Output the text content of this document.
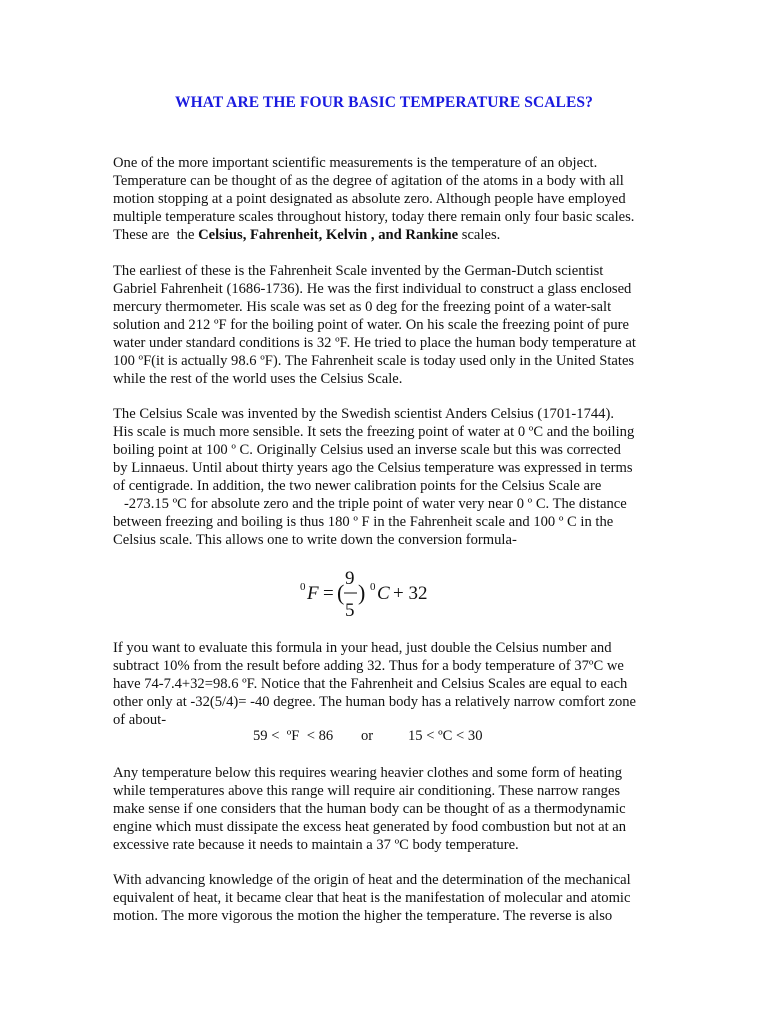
WHAT ARE THE FOUR BASIC TEMPERATURE SCALES?
One of the more important scientific measurements is the temperature of an object.
Temperature can be thought of as the degree of agitation of the atoms in a body with all
motion stopping at a point designated as absolute zero. Although people have employed
multiple temperature scales throughout history, today there remain only four basic scales.
These are  the Celsius, Fahrenheit, Kelvin , and Rankine scales.
The earliest of these is the Fahrenheit Scale invented by the German-Dutch scientist
Gabriel Fahrenheit (1686-1736). He was the first individual to construct a glass enclosed
mercury thermometer. His scale was set as 0 deg for the freezing point of a water-salt
solution and 212 ºF for the boiling point of water. On his scale the freezing point of pure
water under standard conditions is 32 ºF. He tried to place the human body temperature at
100 ºF(it is actually 98.6 ºF). The Fahrenheit scale is today used only in the United States
while the rest of the world uses the Celsius Scale.
The Celsius Scale was invented by the Swedish scientist Anders Celsius (1701-1744).
His scale is much more sensible. It sets the freezing point of water at 0 ºC and the boiling
boiling point at 100 º C. Originally Celsius used an inverse scale but this was corrected
by Linnaeus. Until about thirty years ago the Celsius temperature was expressed in terms
of centigrade. In addition, the two newer calibration points for the Celsius Scale are
-273.15 ºC for absolute zero and the triple point of water very near 0 º C. The distance
between freezing and boiling is thus 180 º F in the Fahrenheit scale and 100 º C in the
Celsius scale. This allows one to write down the conversion formula-
0 F = (
9
5
) 0 C + 32
If you want to evaluate this formula in your head, just double the Celsius number and
subtract 10% from the result before adding 32. Thus for a body temperature of 37ºC we
have 74-7.4+32=98.6 ºF. Notice that the Fahrenheit and Celsius Scales are equal to each
other only at -32(5/4)= -40 degree. The human body has a relatively narrow comfort zone
of about-
59 <  ºF  < 86 or 15 < ºC < 30
Any temperature below this requires wearing heavier clothes and some form of heating
while temperatures above this range will require air conditioning. These narrow ranges
make sense if one considers that the human body can be thought of as a thermodynamic
engine which must dissipate the excess heat generated by food combustion but not at an
excessive rate because it needs to maintain a 37 ºC body temperature.
With advancing knowledge of the origin of heat and the determination of the mechanical
equivalent of heat, it became clear that heat is the manifestation of molecular and atomic
motion. The more vigorous the motion the higher the temperature. The reverse is also
